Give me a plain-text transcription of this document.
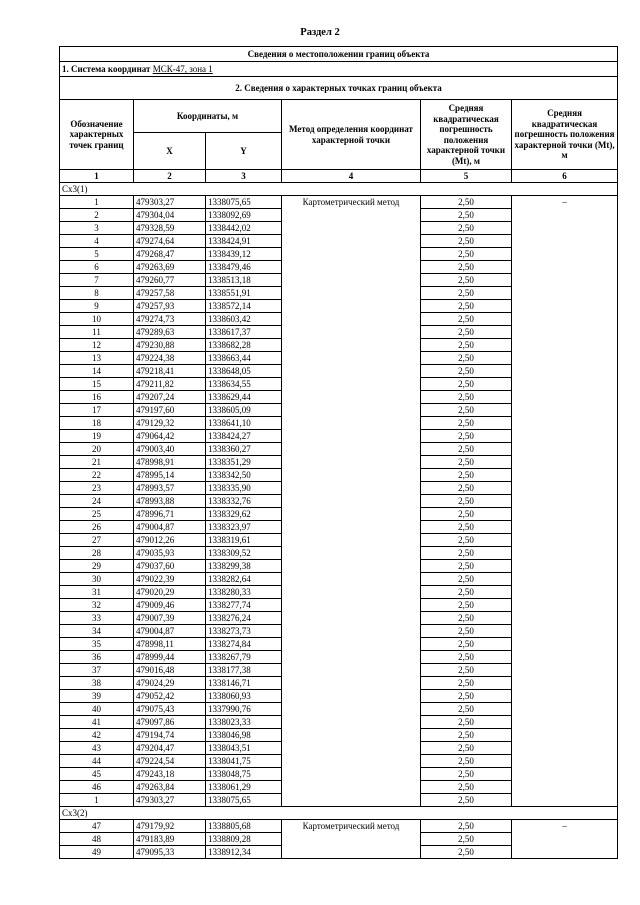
Раздел 2
Сведения о местоположении границ объекта					
1. Система координат МСК-47, зона 1					
2. Сведения о характерных точках границ объекта					
Обозначение характерных точек границ	Координаты, м		Метод определения координат характерной точки	Средняя квадратическая погрешность положения характерной точки (Mt), м	Средняя квадратическая погрешность положения характерной точки (Mt), м
	X	Y			
1	2	3	4	5	6
Сх3(1)					
1	479303,27	1338075,65	Картометрический метод	2,50	–
2	479304,04	1338092,69		2,50	
3	479328,59	1338442,02		2,50	
4	479274,64	1338424,91		2,50	
5	479268,47	1338439,12		2,50	
6	479263,69	1338479,46		2,50	
7	479260,77	1338513,18		2,50	
8	479257,58	1338551,91		2,50	
9	479257,93	1338572,14		2,50	
10	479274,73	1338603,42		2,50	
11	479289,63	1338617,37		2,50	
12	479230,88	1338682,28		2,50	
13	479224,38	1338663,44		2,50	
14	479218,41	1338648,05		2,50	
15	479211,82	1338634,55		2,50	
16	479207,24	1338629,44		2,50	
17	479197,60	1338605,09		2,50	
18	479129,32	1338641,10		2,50	
19	479064,42	1338424,27		2,50	
20	479003,40	1338360,27		2,50	
21	478998,91	1338351,29		2,50	
22	478995,14	1338342,50		2,50	
23	478993,57	1338335,90		2,50	
24	478993,88	1338332,76		2,50	
25	478996,71	1338329,62		2,50	
26	479004,87	1338323,97		2,50	
27	479012,26	1338319,61		2,50	
28	479035,93	1338309,52		2,50	
29	479037,60	1338299,38		2,50	
30	479022,39	1338282,64		2,50	
31	479020,29	1338280,33		2,50	
32	479009,46	1338277,74		2,50	
33	479007,39	1338276,24		2,50	
34	479004,87	1338273,73		2,50	
35	478998,11	1338274,84		2,50	
36	478999,44	1338267,79		2,50	
37	479016,48	1338177,38		2,50	
38	479024,29	1338146,71		2,50	
39	479052,42	1338060,93		2,50	
40	479075,43	1337990,76		2,50	
41	479097,86	1338023,33		2,50	
42	479194,74	1338046,98		2,50	
43	479204,47	1338043,51		2,50	
44	479224,54	1338041,75		2,50	
45	479243,18	1338048,75		2,50	
46	479263,84	1338061,29		2,50	
1	479303,27	1338075,65		2,50	
Сх3(2)					
47	479179,92	1338805,68	Картометрический метод	2,50	–
48	479183,89	1338809,28		2,50	
49	479095,33	1338912,34		2,50	
